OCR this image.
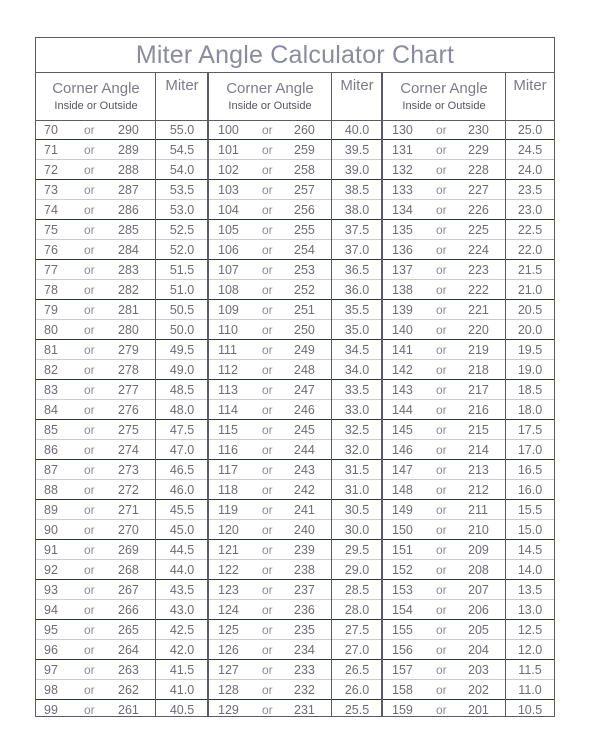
Miter Angle Calculator Chart
Corner Angle
Inside or Outside
Miter	Corner Angle
Inside or Outside
Miter	Corner Angle
Inside or Outside
Miter
70 or 290	55.0	100 or 260	40.0	130 or 230	25.0
71 or 289	54.5	101 or 259	39.5	131 or 229	24.5
72 or 288	54.0	102 or 258	39.0	132 or 228	24.0
73 or 287	53.5	103 or 257	38.5	133 or 227	23.5
74 or 286	53.0	104 or 256	38.0	134 or 226	23.0
75 or 285	52.5	105 or 255	37.5	135 or 225	22.5
76 or 284	52.0	106 or 254	37.0	136 or 224	22.0
77 or 283	51.5	107 or 253	36.5	137 or 223	21.5
78 or 282	51.0	108 or 252	36.0	138 or 222	21.0
79 or 281	50.5	109 or 251	35.5	139 or 221	20.5
80 or 280	50.0	110 or 250	35.0	140 or 220	20.0
81 or 279	49.5	111 or 249	34.5	141 or 219	19.5
82 or 278	49.0	112 or 248	34.0	142 or 218	19.0
83 or 277	48.5	113 or 247	33.5	143 or 217	18.5
84 or 276	48.0	114 or 246	33.0	144 or 216	18.0
85 or 275	47.5	115 or 245	32.5	145 or 215	17.5
86 or 274	47.0	116 or 244	32.0	146 or 214	17.0
87 or 273	46.5	117 or 243	31.5	147 or 213	16.5
88 or 272	46.0	118 or 242	31.0	148 or 212	16.0
89 or 271	45.5	119 or 241	30.5	149 or 211	15.5
90 or 270	45.0	120 or 240	30.0	150 or 210	15.0
91 or 269	44.5	121 or 239	29.5	151 or 209	14.5
92 or 268	44.0	122 or 238	29.0	152 or 208	14.0
93 or 267	43.5	123 or 237	28.5	153 or 207	13.5
94 or 266	43.0	124 or 236	28.0	154 or 206	13.0
95 or 265	42.5	125 or 235	27.5	155 or 205	12.5
96 or 264	42.0	126 or 234	27.0	156 or 204	12.0
97 or 263	41.5	127 or 233	26.5	157 or 203	11.5
98 or 262	41.0	128 or 232	26.0	158 or 202	11.0
99 or 261	40.5	129 or 231	25.5	159 or 201	10.5
